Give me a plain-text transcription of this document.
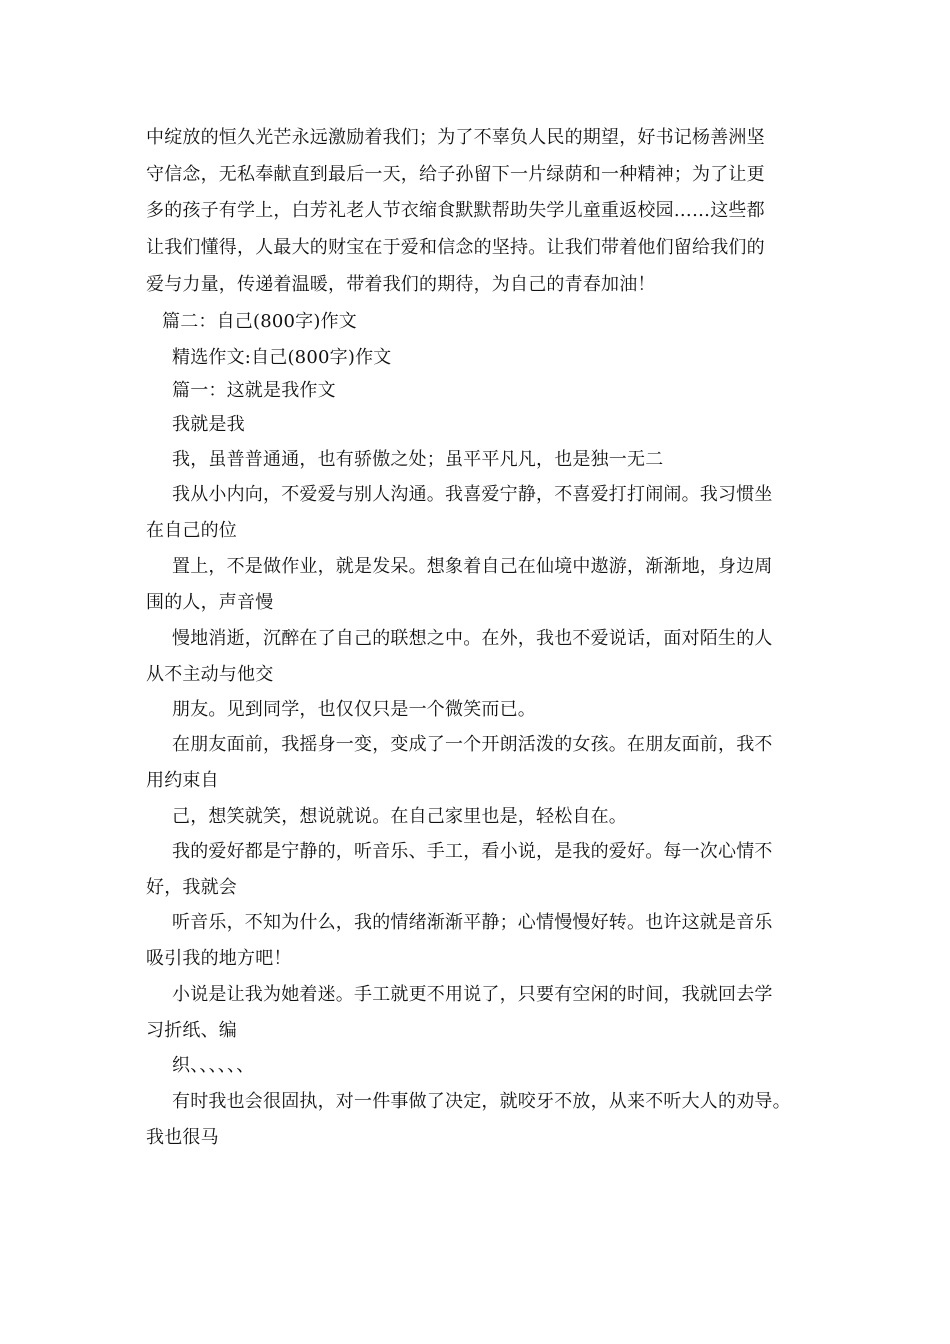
中绽放的恒久光芒永远激励着我们；为了不辜负人民的期望，好书记杨善洲坚
守信念，无私奉献直到最后一天，给子孙留下一片绿荫和一种精神；为了让更
多的孩子有学上，白芳礼老人节衣缩食默默帮助失学儿童重返校园……这些都
让我们懂得，人最大的财宝在于爱和信念的坚持。让我们带着他们留给我们的
爱与力量，传递着温暖，带着我们的期待，为自己的青春加油！
篇二：自己(800字)作文
精选作文:自己(800字)作文
篇一：这就是我作文
我就是我
我，虽普普通通，也有骄傲之处；虽平平凡凡，也是独一无二
我从小内向，不爱爱与别人沟通。我喜爱宁静，不喜爱打打闹闹。我习惯坐
在自己的位
置上，不是做作业，就是发呆。想象着自己在仙境中遨游，渐渐地，身边周
围的人，声音慢
慢地消逝，沉醉在了自己的联想之中。在外，我也不爱说话，面对陌生的人
从不主动与他交
朋友。见到同学，也仅仅只是一个微笑而已。
在朋友面前，我摇身一变，变成了一个开朗活泼的女孩。在朋友面前，我不
用约束自
己，想笑就笑，想说就说。在自己家里也是，轻松自在。
我的爱好都是宁静的，听音乐、手工，看小说，是我的爱好。每一次心情不
好，我就会
听音乐，不知为什么，我的情绪渐渐平静；心情慢慢好转。也许这就是音乐
吸引我的地方吧！
小说是让我为她着迷。手工就更不用说了，只要有空闲的时间，我就回去学
习折纸、编
织、、、、、、
有时我也会很固执，对一件事做了决定，就咬牙不放，从来不听大人的劝导。
我也很马
